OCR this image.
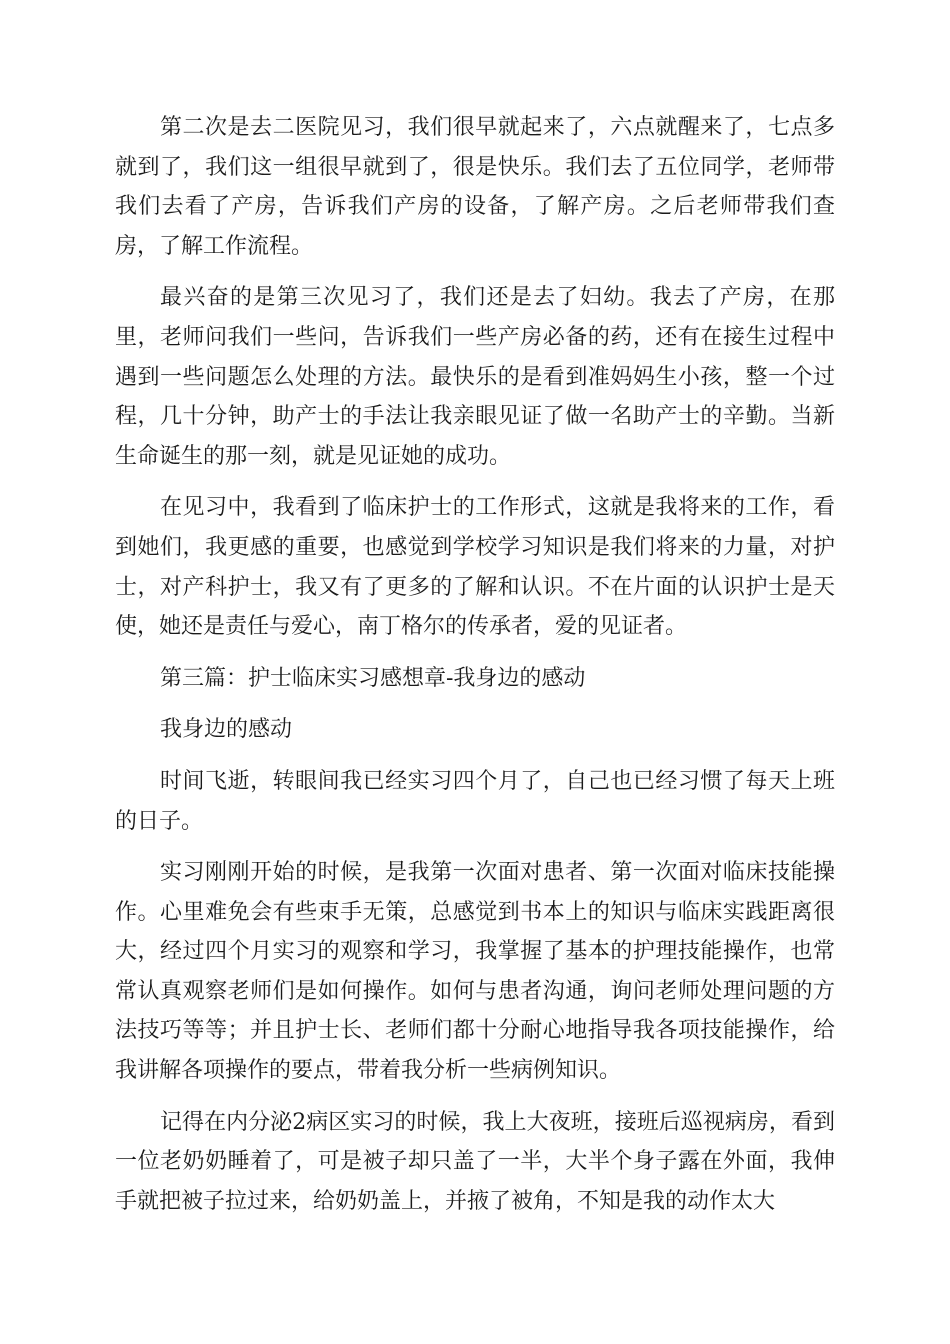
第二次是去二医院见习，我们很早就起来了，六点就醒来了，七点多就到了，我们这一组很早就到了，很是快乐。我们去了五位同学，老师带我们去看了产房，告诉我们产房的设备，了解产房。之后老师带我们查房，了解工作流程。

最兴奋的是第三次见习了，我们还是去了妇幼。我去了产房，在那里，老师问我们一些问，告诉我们一些产房必备的药，还有在接生过程中遇到一些问题怎么处理的方法。最快乐的是看到准妈妈生小孩，整一个过程，几十分钟，助产士的手法让我亲眼见证了做一名助产士的辛勤。当新生命诞生的那一刻，就是见证她的成功。

在见习中，我看到了临床护士的工作形式，这就是我将来的工作，看到她们，我更感的重要，也感觉到学校学习知识是我们将来的力量，对护士，对产科护士，我又有了更多的了解和认识。不在片面的认识护士是天使，她还是责任与爱心，南丁格尔的传承者，爱的见证者。

第三篇：护士临床实习感想章-我身边的感动

我身边的感动

时间飞逝，转眼间我已经实习四个月了，自己也已经习惯了每天上班的日子。

实习刚刚开始的时候，是我第一次面对患者、第一次面对临床技能操作。心里难免会有些束手无策，总感觉到书本上的知识与临床实践距离很大，经过四个月实习的观察和学习，我掌握了基本的护理技能操作，也常常认真观察老师们是如何操作。如何与患者沟通，询问老师处理问题的方法技巧等等；并且护士长、老师们都十分耐心地指导我各项技能操作，给我讲解各项操作的要点，带着我分析一些病例知识。

记得在内分泌2病区实习的时候，我上大夜班，接班后巡视病房，看到一位老奶奶睡着了，可是被子却只盖了一半，大半个身子露在外面，我伸手就把被子拉过来，给奶奶盖上，并掖了被角，不知是我的动作太大
